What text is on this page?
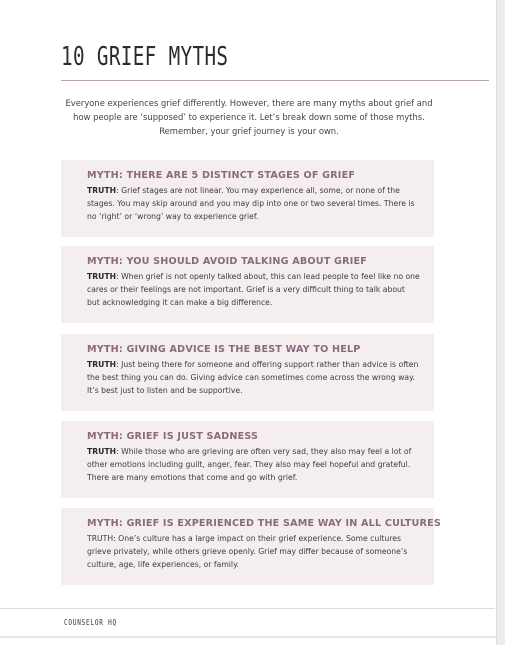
10 GRIEF MYTHS
Everyone experiences grief differently. However, there are many myths about grief and how people are ‘supposed’ to experience it. Let’s break down some of those myths. Remember, your grief journey is your own.
MYTH: THERE ARE 5 DISTINCT STAGES OF GRIEF
TRUTH: Grief stages are not linear. You may experience all, some, or none of the stages. You may skip around and you may dip into one or two several times. There is no ‘right’ or ‘wrong’ way to experience grief.
MYTH: YOU SHOULD AVOID TALKING ABOUT GRIEF
TRUTH: When grief is not openly talked about, this can lead people to feel like no one cares or their feelings are not important. Grief is a very difficult thing to talk about but acknowledging it can make a big difference.
MYTH: GIVING ADVICE IS THE BEST WAY TO HELP
TRUTH: Just being there for someone and offering support rather than advice is often the best thing you can do. Giving advice can sometimes come across the wrong way. It’s best just to listen and be supportive.
MYTH: GRIEF IS JUST SADNESS
TRUTH: While those who are grieving are often very sad, they also may feel a lot of other emotions including guilt, anger, fear. They also may feel hopeful and grateful. There are many emotions that come and go with grief.
MYTH: GRIEF IS EXPERIENCED THE SAME WAY IN ALL CULTURES
TRUTH: One’s culture has a large impact on their grief experience. Some cultures grieve privately, while others grieve openly. Grief may differ because of someone’s culture, age, life experiences, or family.
COUNSELOR HQ
